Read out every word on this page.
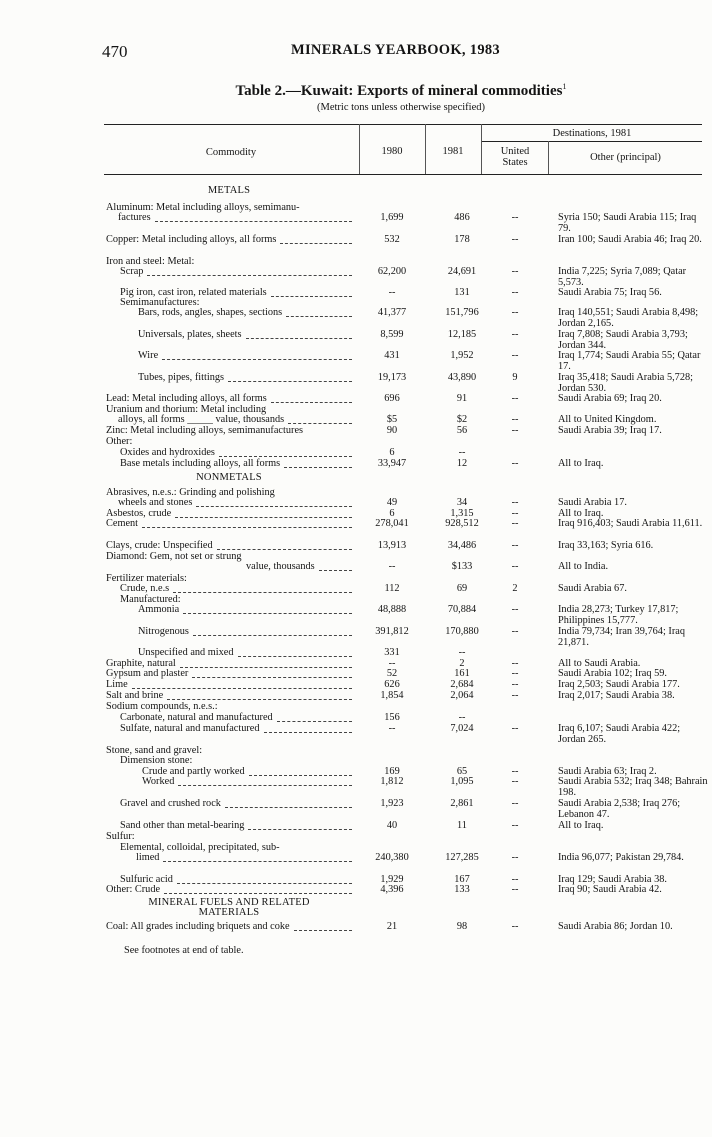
470	MINERALS YEARBOOK, 1983
Table 2.—Kuwait: Exports of mineral commodities$^1$
(Metric tons unless otherwise specified)
Commodity	1980	1981
Destinations, 1981
United States	Other (principal)
METALS
Aluminum: Metal including alloys, semimanu-
factures	1,699	486	--	Syria 150; Saudi Arabia 115; Iraq 79.
Copper: Metal including alloys, all forms	532	178	--	Iran 100; Saudi Arabia 46; Iraq 20.
Iron and steel: Metal:
Scrap	62,200	24,691	--	India 7,225; Syria 7,089; Qatar 5,573.
Pig iron, cast iron, related materials	--	131	--	Saudi Arabia 75; Iraq 56.
Semimanufactures:
Bars, rods, angles, shapes, sections	41,377	151,796	--	Iraq 140,551; Saudi Arabia 8,498; Jordan 2,165.
Universals, plates, sheets	8,599	12,185	--	Iraq 7,808; Saudi Arabia 3,793; Jordan 344.
Wire	431	1,952	--	Iraq 1,774; Saudi Arabia 55; Qatar 17.
Tubes, pipes, fittings	19,173	43,890	9	Iraq 35,418; Saudi Arabia 5,728; Jordan 530.
Lead: Metal including alloys, all forms	696	91	--	Saudi Arabia 69; Iraq 20.
Uranium and thorium: Metal including
alloys, all forms _____ value, thousands	$5	$2	--	All to United Kingdom.
Zinc: Metal including alloys, semimanufactures	90	56	--	Saudi Arabia 39; Iraq 17.
Other:
Oxides and hydroxides	6	--
Base metals including alloys, all forms	33,947	12	--	All to Iraq.
NONMETALS
Abrasives, n.e.s.: Grinding and polishing
wheels and stones	49	34	--	Saudi Arabia 17.
Asbestos, crude	6	1,315	--	All to Iraq.
Cement	278,041	928,512	--	Iraq 916,403; Saudi Arabia 11,611.
Clays, crude: Unspecified	13,913	34,486	--	Iraq 33,163; Syria 616.
Diamond: Gem, not set or strung
value, thousands	--	$133	--	All to India.
Fertilizer materials:
Crude, n.e.s	112	69	2	Saudi Arabia 67.
Manufactured:
Ammonia	48,888	70,884	--	India 28,273; Turkey 17,817; Philippines 15,777.
Nitrogenous	391,812	170,880	--	India 79,734; Iran 39,764; Iraq 21,871.
Unspecified and mixed	331	--
Graphite, natural	--	2	--	All to Saudi Arabia.
Gypsum and plaster	52	161	--	Saudi Arabia 102; Iraq 59.
Lime	626	2,684	--	Iraq 2,503; Saudi Arabia 177.
Salt and brine	1,854	2,064	--	Iraq 2,017; Saudi Arabia 38.
Sodium compounds, n.e.s.:
Carbonate, natural and manufactured	156	--
Sulfate, natural and manufactured	--	7,024	--	Iraq 6,107; Saudi Arabia 422; Jordan 265.
Stone, sand and gravel:
Dimension stone:
Crude and partly worked	169	65	--	Saudi Arabia 63; Iraq 2.
Worked	1,812	1,095	--	Saudi Arabia 532; Iraq 348; Bahrain 198.
Gravel and crushed rock	1,923	2,861	--	Saudi Arabia 2,538; Iraq 276; Lebanon 47.
Sand other than metal-bearing	40	11	--	All to Iraq.
Sulfur:
Elemental, colloidal, precipitated, sub-
limed	240,380	127,285	--	India 96,077; Pakistan 29,784.
Sulfuric acid	1,929	167	--	Iraq 129; Saudi Arabia 38.
Other: Crude	4,396	133	--	Iraq 90; Saudi Arabia 42.
MINERAL FUELS AND RELATED
MATERIALS
Coal: All grades including briquets and coke	21	98	--	Saudi Arabia 86; Jordan 10.
See footnotes at end of table.
